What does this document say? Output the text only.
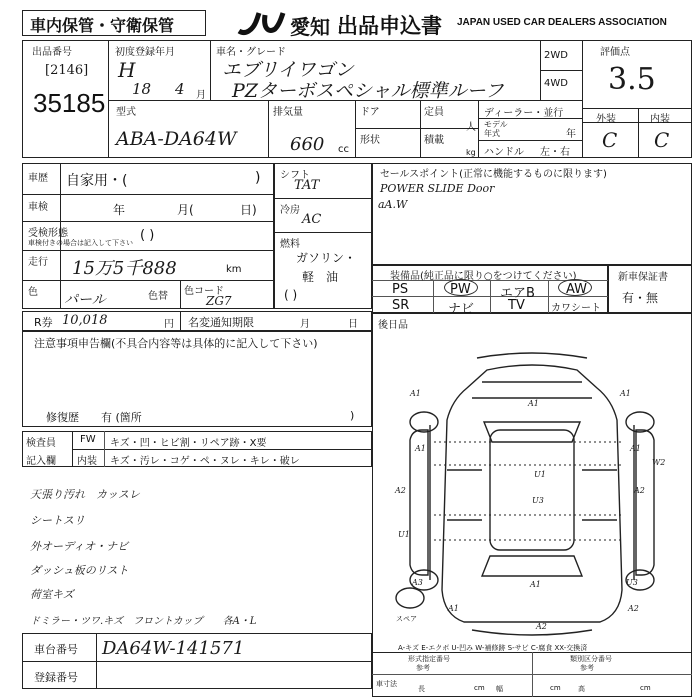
車内保管・守衛保管	愛知 出品申込書 JAPAN USED CAR DEALERS ASSOCIATION
出品番号
[2146]
35185
初度登録年月
H
18 4 月
車名・グレード
エブリイワゴン
PZターボスペシャル標準ルーフ
2WD
4WD
評価点
3.5
外装	内装
C C
型式
ABA-DA64W
排気量
660 cc
ドア	定員
人
形状	積載
kg
ディーラー・並行
モデル
年式	年
ハンドル 左・右
車歴 自家用・(	)
車検	年	月(	日)
受検形態
車検付きの場合は記入して下さい ( )
走行 15万5千888	km
色 パール	色替 色コード
ZG7
シフト
TAT
冷房
AC
燃料
ガソリン・
軽　油
( )
セールスポイント(正常に機能するものに限ります)
POWER SLIDE Door
aA.W
装備品(純正品に限り○をつけてください)
PS	PW エアB AW
SR	ナビ	TV	カワシート
新車保証書
有・無
R券 10,018	円 名変通知期限	月	日
注意事項申告欄(不具合内容等は具体的に記入して下さい)
修復歴　　有 (箇所	)
後日品
検査員
記入欄
FW キズ・凹・ヒビ割・リペア跡・X要
内装 キズ・汚レ・コゲ・ペ・ヌレ・キレ・破レ
天張り汚れ　カッスレ
シートスリ
外オーディオ・ナビ
ダッシュ板のリスト
荷室キズ
ドミラー・ツワ.キズ　フロントカップ　　各A・L
車台番号 DA64W-141571
登録番号
A1
A1
A1
A2	A2
A1
U1
A1
U1
W2
A3	A1	U3
A1
A2
U3
A2
スペア
A-キズ E-エクボ U-凹み W-補修跡 S-サビ C-腐食 XX-交換済
形式指定番号
参考
類別区分番号
参考
車寸法
長	cm 幅	cm 高	cm
